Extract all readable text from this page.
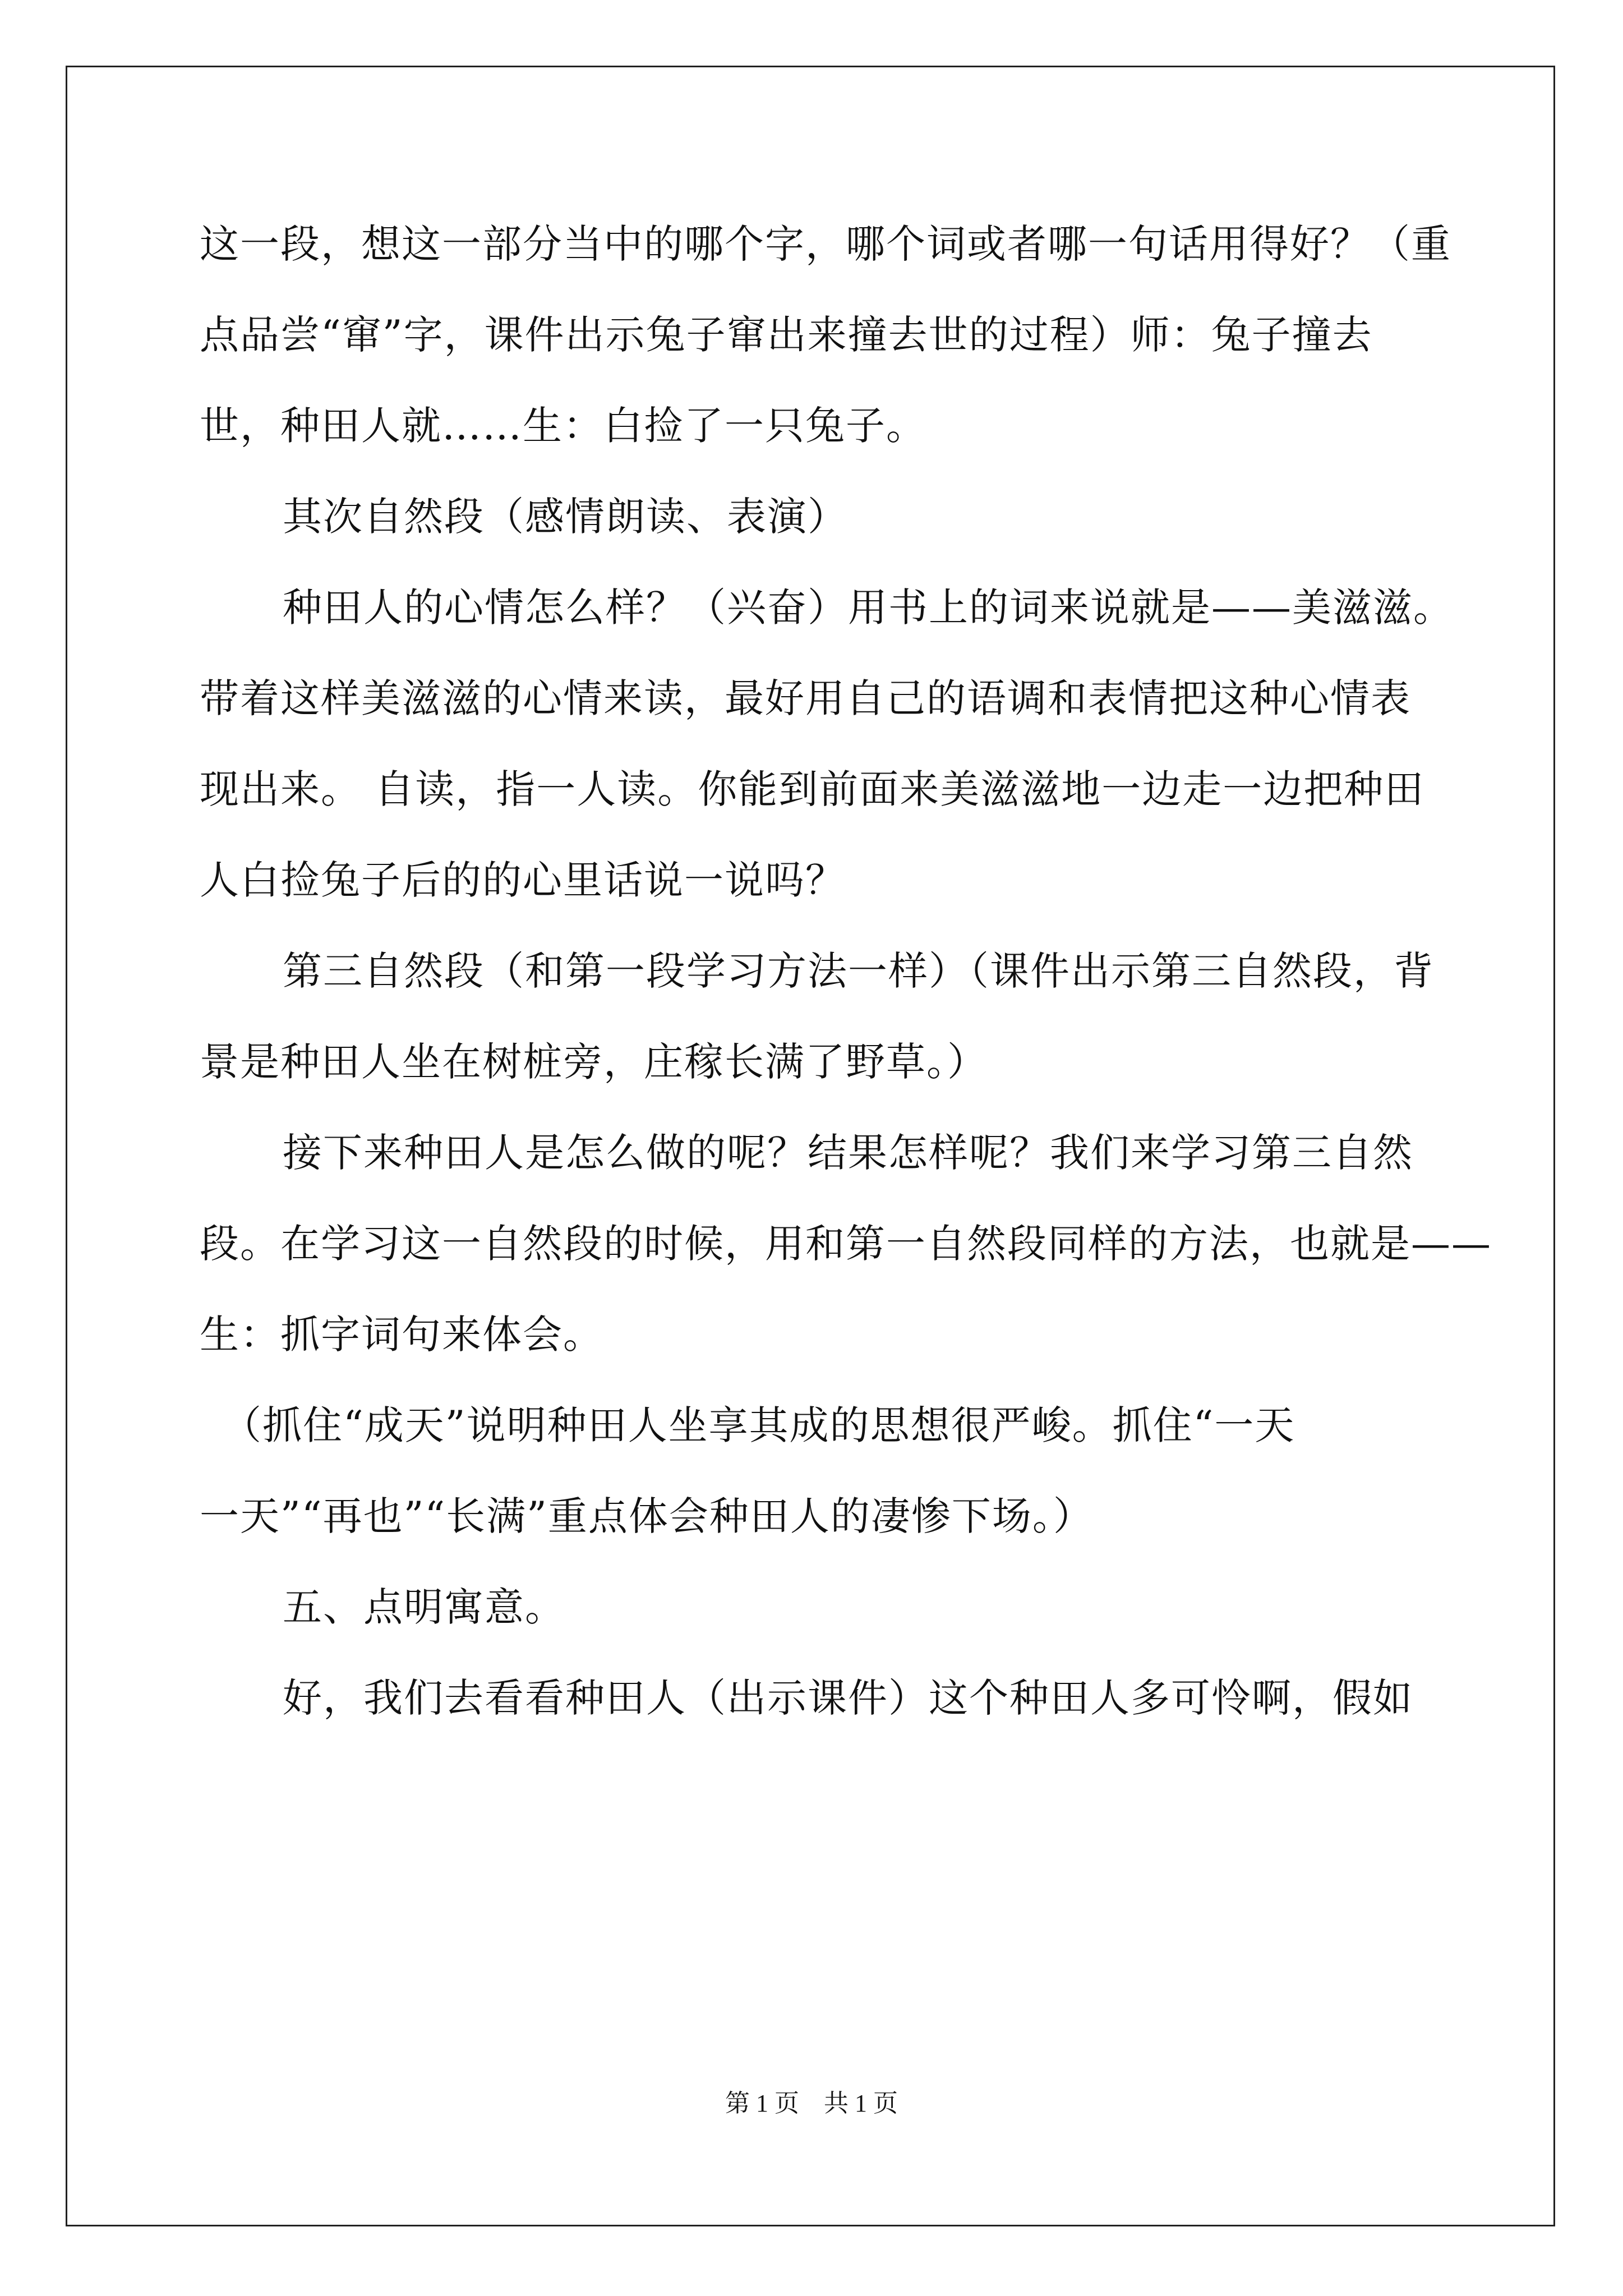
这一段，想这一部分当中的哪个字，哪个词或者哪一句话用得好？（重
点品尝“窜”字，课件出示兔子窜出来撞去世的过程）师：兔子撞去
世，种田人就……生：白捡了一只兔子。
其次自然段（感情朗读、表演）
种田人的心情怎么样？（兴奋）用书上的词来说就是——美滋滋。
带着这样美滋滋的心情来读，最好用自己的语调和表情把这种心情表
现出来。 自读，指一人读。你能到前面来美滋滋地一边走一边把种田
人白捡兔子后的的心里话说一说吗？
第三自然段（和第一段学习方法一样）（课件出示第三自然段，背
景是种田人坐在树桩旁，庄稼长满了野草。）
接下来种田人是怎么做的呢？结果怎样呢？我们来学习第三自然
段。在学习这一自然段的时候，用和第一自然段同样的方法，也就是——
生：抓字词句来体会。
（抓住“成天”说明种田人坐享其成的思想很严峻。抓住“一天
一天”“再也”“长满”重点体会种田人的凄惨下场。）
五、点明寓意。
好，我们去看看种田人（出示课件）这个种田人多可怜啊，假如
第 1 页　共 1 页
